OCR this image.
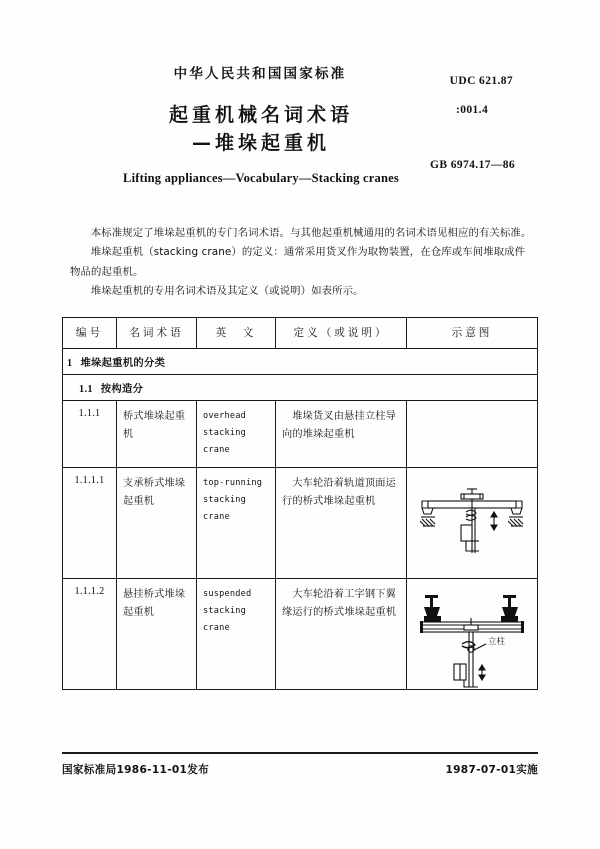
中华人民共和国国家标准	UDC 621.87

:001.4

GB 6974.17—86
起重机械名词术语
—堆垛起重机
Lifting appliances—Vocabulary—Stacking cranes

本标准规定了堆垛起重机的专门名词术语。与其他起重机械通用的名词术语见相应的有关标准。

堆垛起重机（stacking crane）的定义：通常采用货叉作为取物装置，在仓库或车间堆取成件物品的起重机。

堆垛起重机的专用名词术语及其定义（或说明）如表所示。

编号	名词术语	英　文	定义（或说明）	示意图
1 堆垛起重机的分类				
1.1 按构造分				
1.1.1	桥式堆垛起重机	overhead stacking crane	堆垛货叉由悬挂立柱导向的堆垛起重机	
1.1.1.1	支承桥式堆垛起重机	top-running stacking crane	大车轮沿着轨道顶面运行的桥式堆垛起重机	

1.1.1.2	悬挂桥式堆垛起重机	suspended stacking crane	大车轮沿着工字钢下翼缘运行的桥式堆垛起重机	立柱
国家标准局1986-11-01发布	1987-07-01实施
